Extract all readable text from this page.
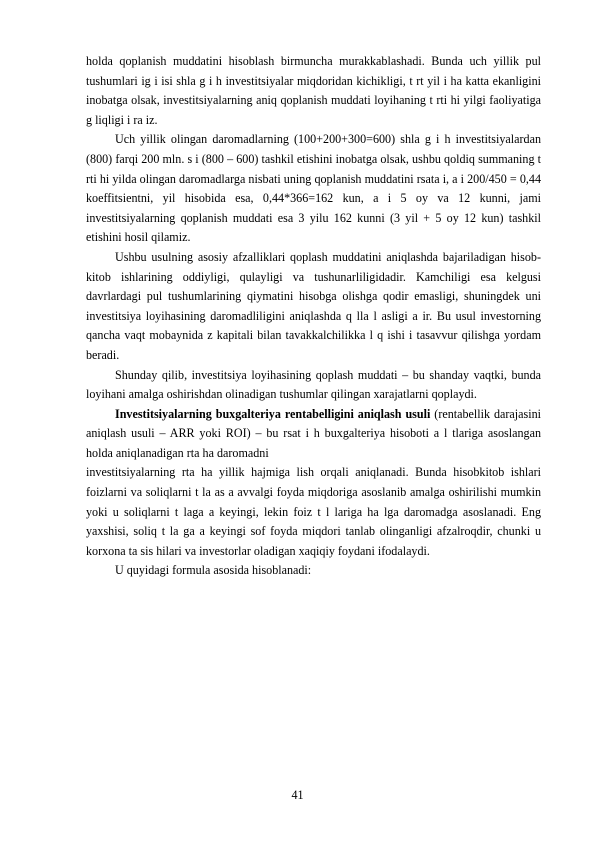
holda qoplanish muddatini hisoblash birmuncha murakkablashadi. Bunda uch yillik pul tushumlari ig i isi shla g i h investitsiyalar miqdoridan kichikligi, t rt yil i ha katta ekanligini inobatga olsak, investitsiyalarning aniq qoplanish muddati loyihaning t rti hi yilgi faoliyatiga g liqligi i ra iz.

Uch yillik olingan daromadlarning (100+200+300=600) shla g i h investitsiyalardan (800) farqi 200 mln. s i (800 – 600) tashkil etishini inobatga olsak, ushbu qoldiq summaning t rti hi yilda olingan daromadlarga nisbati uning qoplanish muddatini rsata i, a i 200/450 = 0,44 koeffitsientni, yil hisobida esa, 0,44*366=162 kun, a i 5 oy va 12 kunni, jami investitsiyalarning qoplanish muddati esa 3 yilu 162 kunni (3 yil + 5 oy 12 kun) tashkil etishini hosil qilamiz.

Ushbu usulning asosiy afzalliklari qoplash muddatini aniqlashda bajariladigan hisob-kitob ishlarining oddiyligi, qulayligi va tushunarliligidadir. Kamchiligi esa kelgusi davrlardagi pul tushumlarining qiymatini hisobga olishga qodir emasligi, shuningdek uni investitsiya loyihasining daromadliligini aniqlashda q lla l asligi a ir. Bu usul investorning qancha vaqt mobaynida z kapitali bilan tavakkalchilikka l q ishi i tasavvur qilishga yordam beradi.

Shunday qilib, investitsiya loyihasining qoplash muddati – bu shanday vaqtki, bunda loyihani amalga oshirishdan olinadigan tushumlar qilingan xarajatlarni qoplaydi.

Investitsiyalarning buxgalteriya rentabelligini aniqlash usuli (rentabellik darajasini aniqlash usuli – ARR yoki ROI) – bu rsat i h buxgalteriya hisoboti a l tlariga asoslangan holda aniqlanadigan rta ha daromadni

investitsiyalarning rta ha yillik hajmiga lish orqali aniqlanadi. Bunda hisobkitob ishlari foizlarni va soliqlarni t la as a avvalgi foyda miqdoriga asoslanib amalga oshirilishi mumkin yoki u soliqlarni t laga a keyingi, lekin foiz t l lariga ha lga daromadga asoslanadi. Eng yaxshisi, soliq t la ga a keyingi sof foyda miqdori tanlab olinganligi afzalroqdir, chunki u korxona ta sis hilari va investorlar oladigan xaqiqiy foydani ifodalaydi.

U quyidagi formula asosida hisoblanadi:

41
